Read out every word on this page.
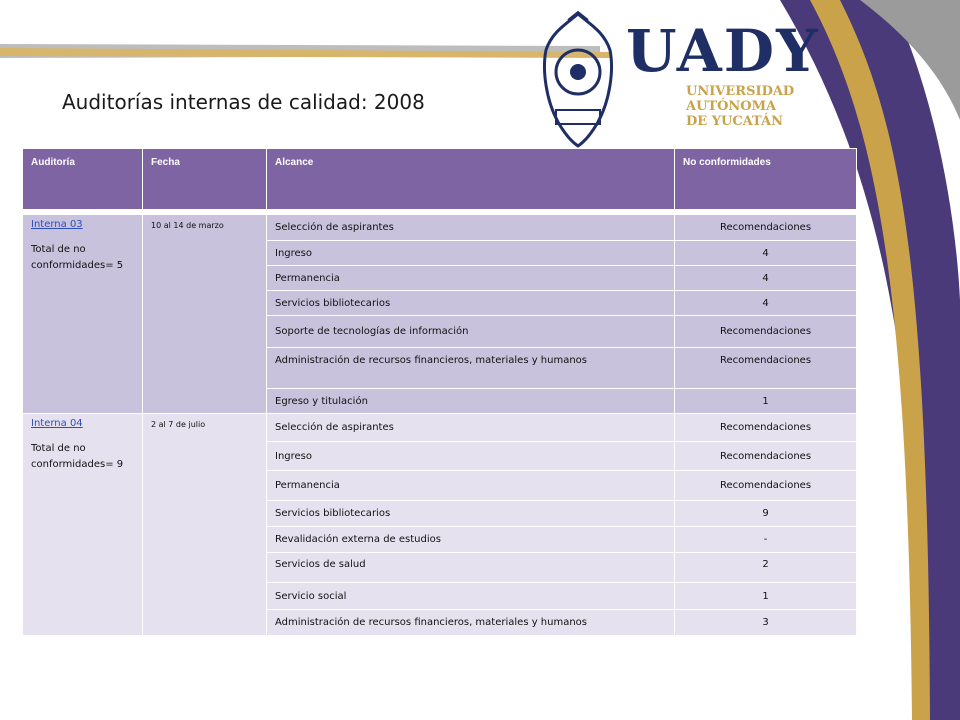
UADY
UNIVERSIDAD
AUTÓNOMA
DE YUCATÁN
Auditorías internas de calidad: 2008
Auditoría	Fecha	Alcance	No conformidades

Interna 03
Total de no conformidades= 5	10 al 14 de marzo	Selección de aspirantes	Recomendaciones
		Ingreso	4
		Permanencia	4
		Servicios bibliotecarios	4
		Soporte de tecnologías de información	Recomendaciones
		Administración de recursos financieros, materiales y humanos	Recomendaciones
		Egreso y titulación	1
Interna 04
Total de no conformidades= 9	2 al 7 de julio	Selección de aspirantes	Recomendaciones
		Ingreso	Recomendaciones
		Permanencia	Recomendaciones
		Servicios bibliotecarios	9
		Revalidación externa de estudios	-
		Servicios de salud	2
		Servicio social	1
		Administración de recursos financieros, materiales y humanos	3
